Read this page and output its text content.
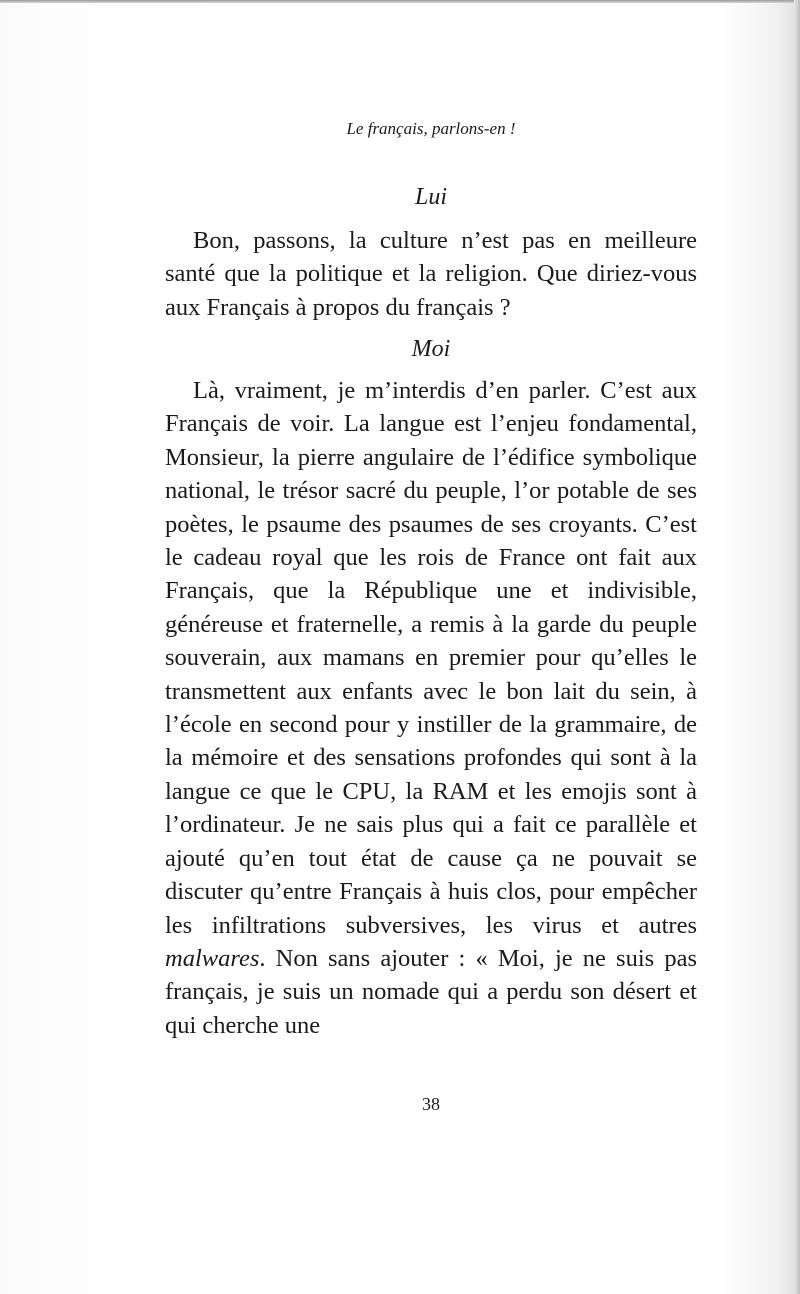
Le français, parlons-en !
Lui

Bon, passons, la culture n’est pas en meilleure santé que la politique et la religion. Que diriez-vous aux Français à propos du français ?

Moi

Là, vraiment, je m’interdis d’en parler. C’est aux Français de voir. La langue est l’enjeu fondamental, Monsieur, la pierre angulaire de l’édifice symbolique national, le trésor sacré du peuple, l’or potable de ses poètes, le psaume des psaumes de ses croyants. C’est le cadeau royal que les rois de France ont fait aux Français, que la République une et indivisible, généreuse et fraternelle, a remis à la garde du peuple souverain, aux mamans en premier pour qu’elles le transmettent aux enfants avec le bon lait du sein, à l’école en second pour y instiller de la grammaire, de la mémoire et des sensations profondes qui sont à la langue ce que le CPU, la RAM et les emojis sont à l’ordinateur. Je ne sais plus qui a fait ce parallèle et ajouté qu’en tout état de cause ça ne pouvait se discuter qu’entre Français à huis clos, pour empêcher les infiltrations subversives, les virus et autres malwares. Non sans ajouter : « Moi, je ne suis pas français, je suis un nomade qui a perdu son désert et qui cherche une

38
